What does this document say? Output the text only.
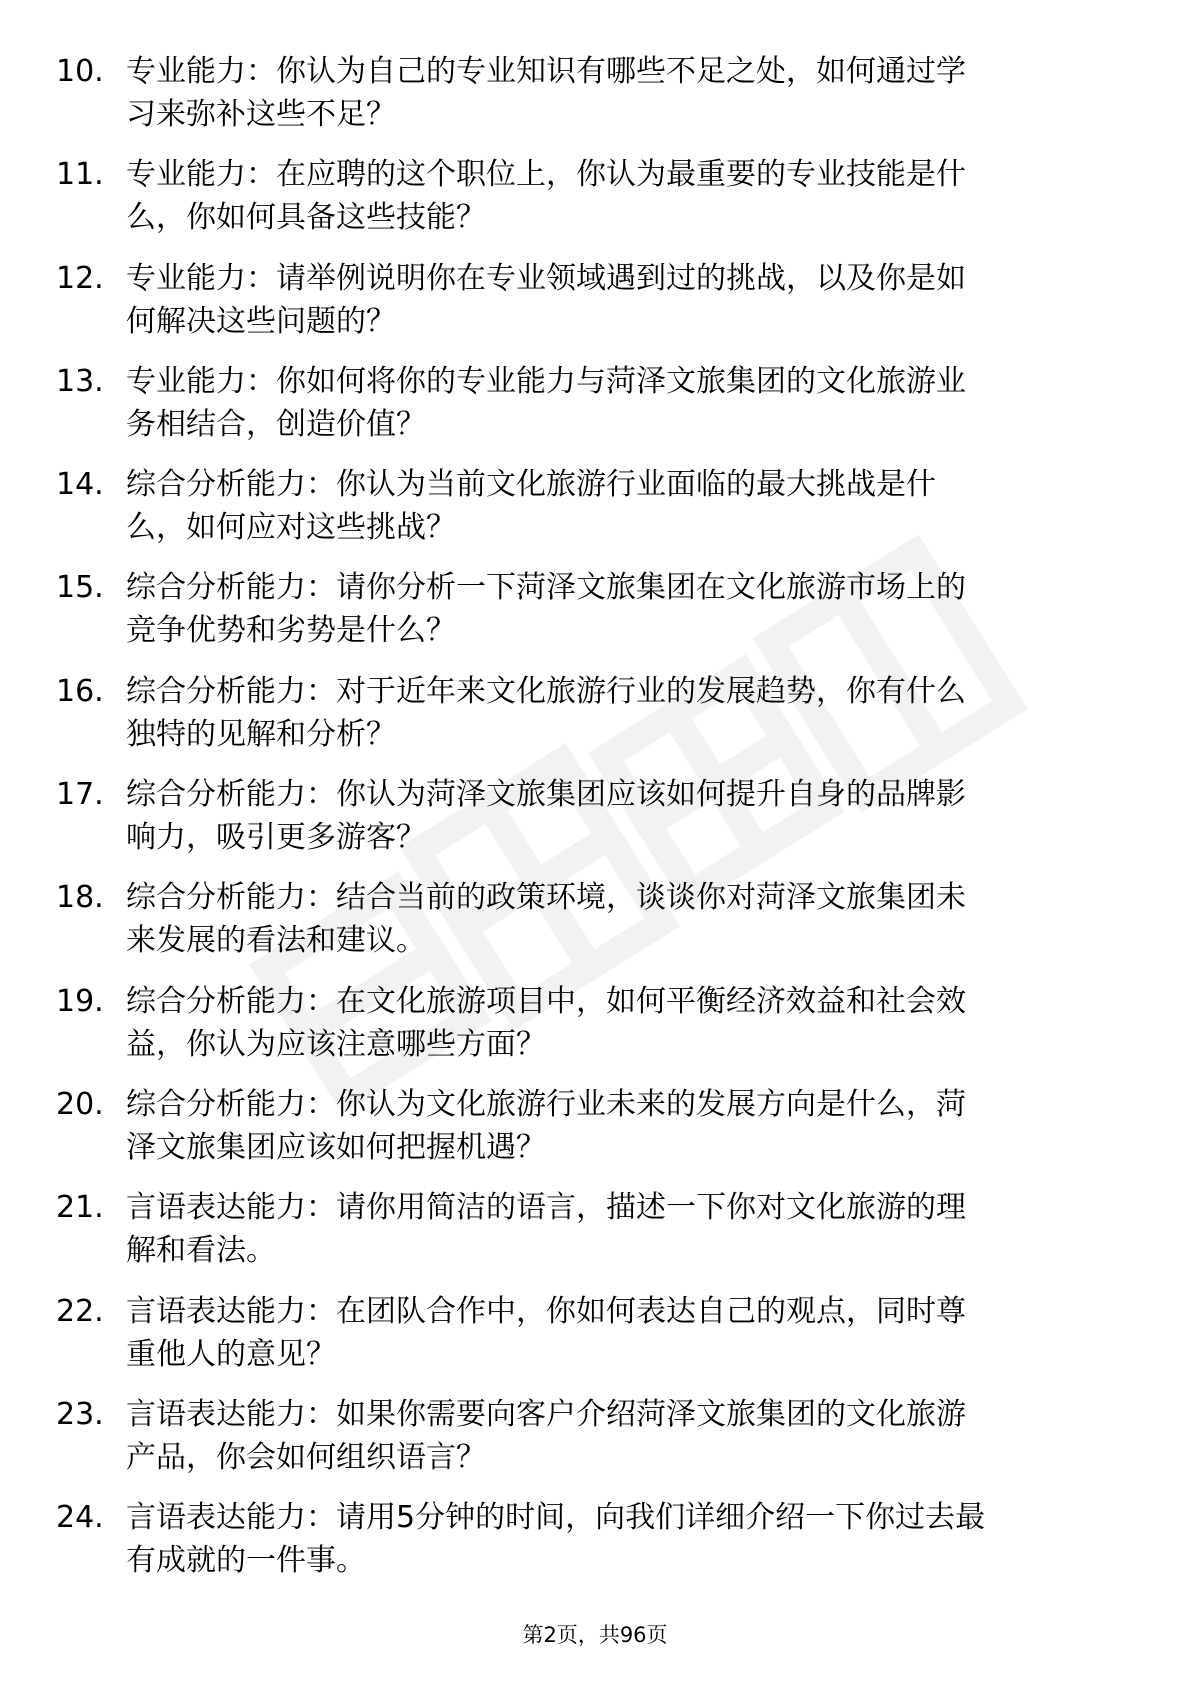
10. 专业能力：你认为自己的专业知识有哪些不足之处，如何通过学
习来弥补这些不足？
11. 专业能力：在应聘的这个职位上，你认为最重要的专业技能是什
么，你如何具备这些技能？
12. 专业能力：请举例说明你在专业领域遇到过的挑战，以及你是如
何解决这些问题的？
13. 专业能力：你如何将你的专业能力与菏泽文旅集团的文化旅游业
务相结合，创造价值？
14. 综合分析能力：你认为当前文化旅游行业面临的最大挑战是什
么，如何应对这些挑战？
15. 综合分析能力：请你分析一下菏泽文旅集团在文化旅游市场上的
竞争优势和劣势是什么？
16. 综合分析能力：对于近年来文化旅游行业的发展趋势，你有什么
独特的见解和分析？
17. 综合分析能力：你认为菏泽文旅集团应该如何提升自身的品牌影
响力，吸引更多游客？
18. 综合分析能力：结合当前的政策环境，谈谈你对菏泽文旅集团未
来发展的看法和建议。
19. 综合分析能力：在文化旅游项目中，如何平衡经济效益和社会效
益，你认为应该注意哪些方面？
20. 综合分析能力：你认为文化旅游行业未来的发展方向是什么，菏
泽文旅集团应该如何把握机遇？
21. 言语表达能力：请你用简洁的语言，描述一下你对文化旅游的理
解和看法。
22. 言语表达能力：在团队合作中，你如何表达自己的观点，同时尊
重他人的意见？
23. 言语表达能力：如果你需要向客户介绍菏泽文旅集团的文化旅游
产品，你会如何组织语言？
24. 言语表达能力：请用5分钟的时间，向我们详细介绍一下你过去最
有成就的一件事。
第2页，共96页
